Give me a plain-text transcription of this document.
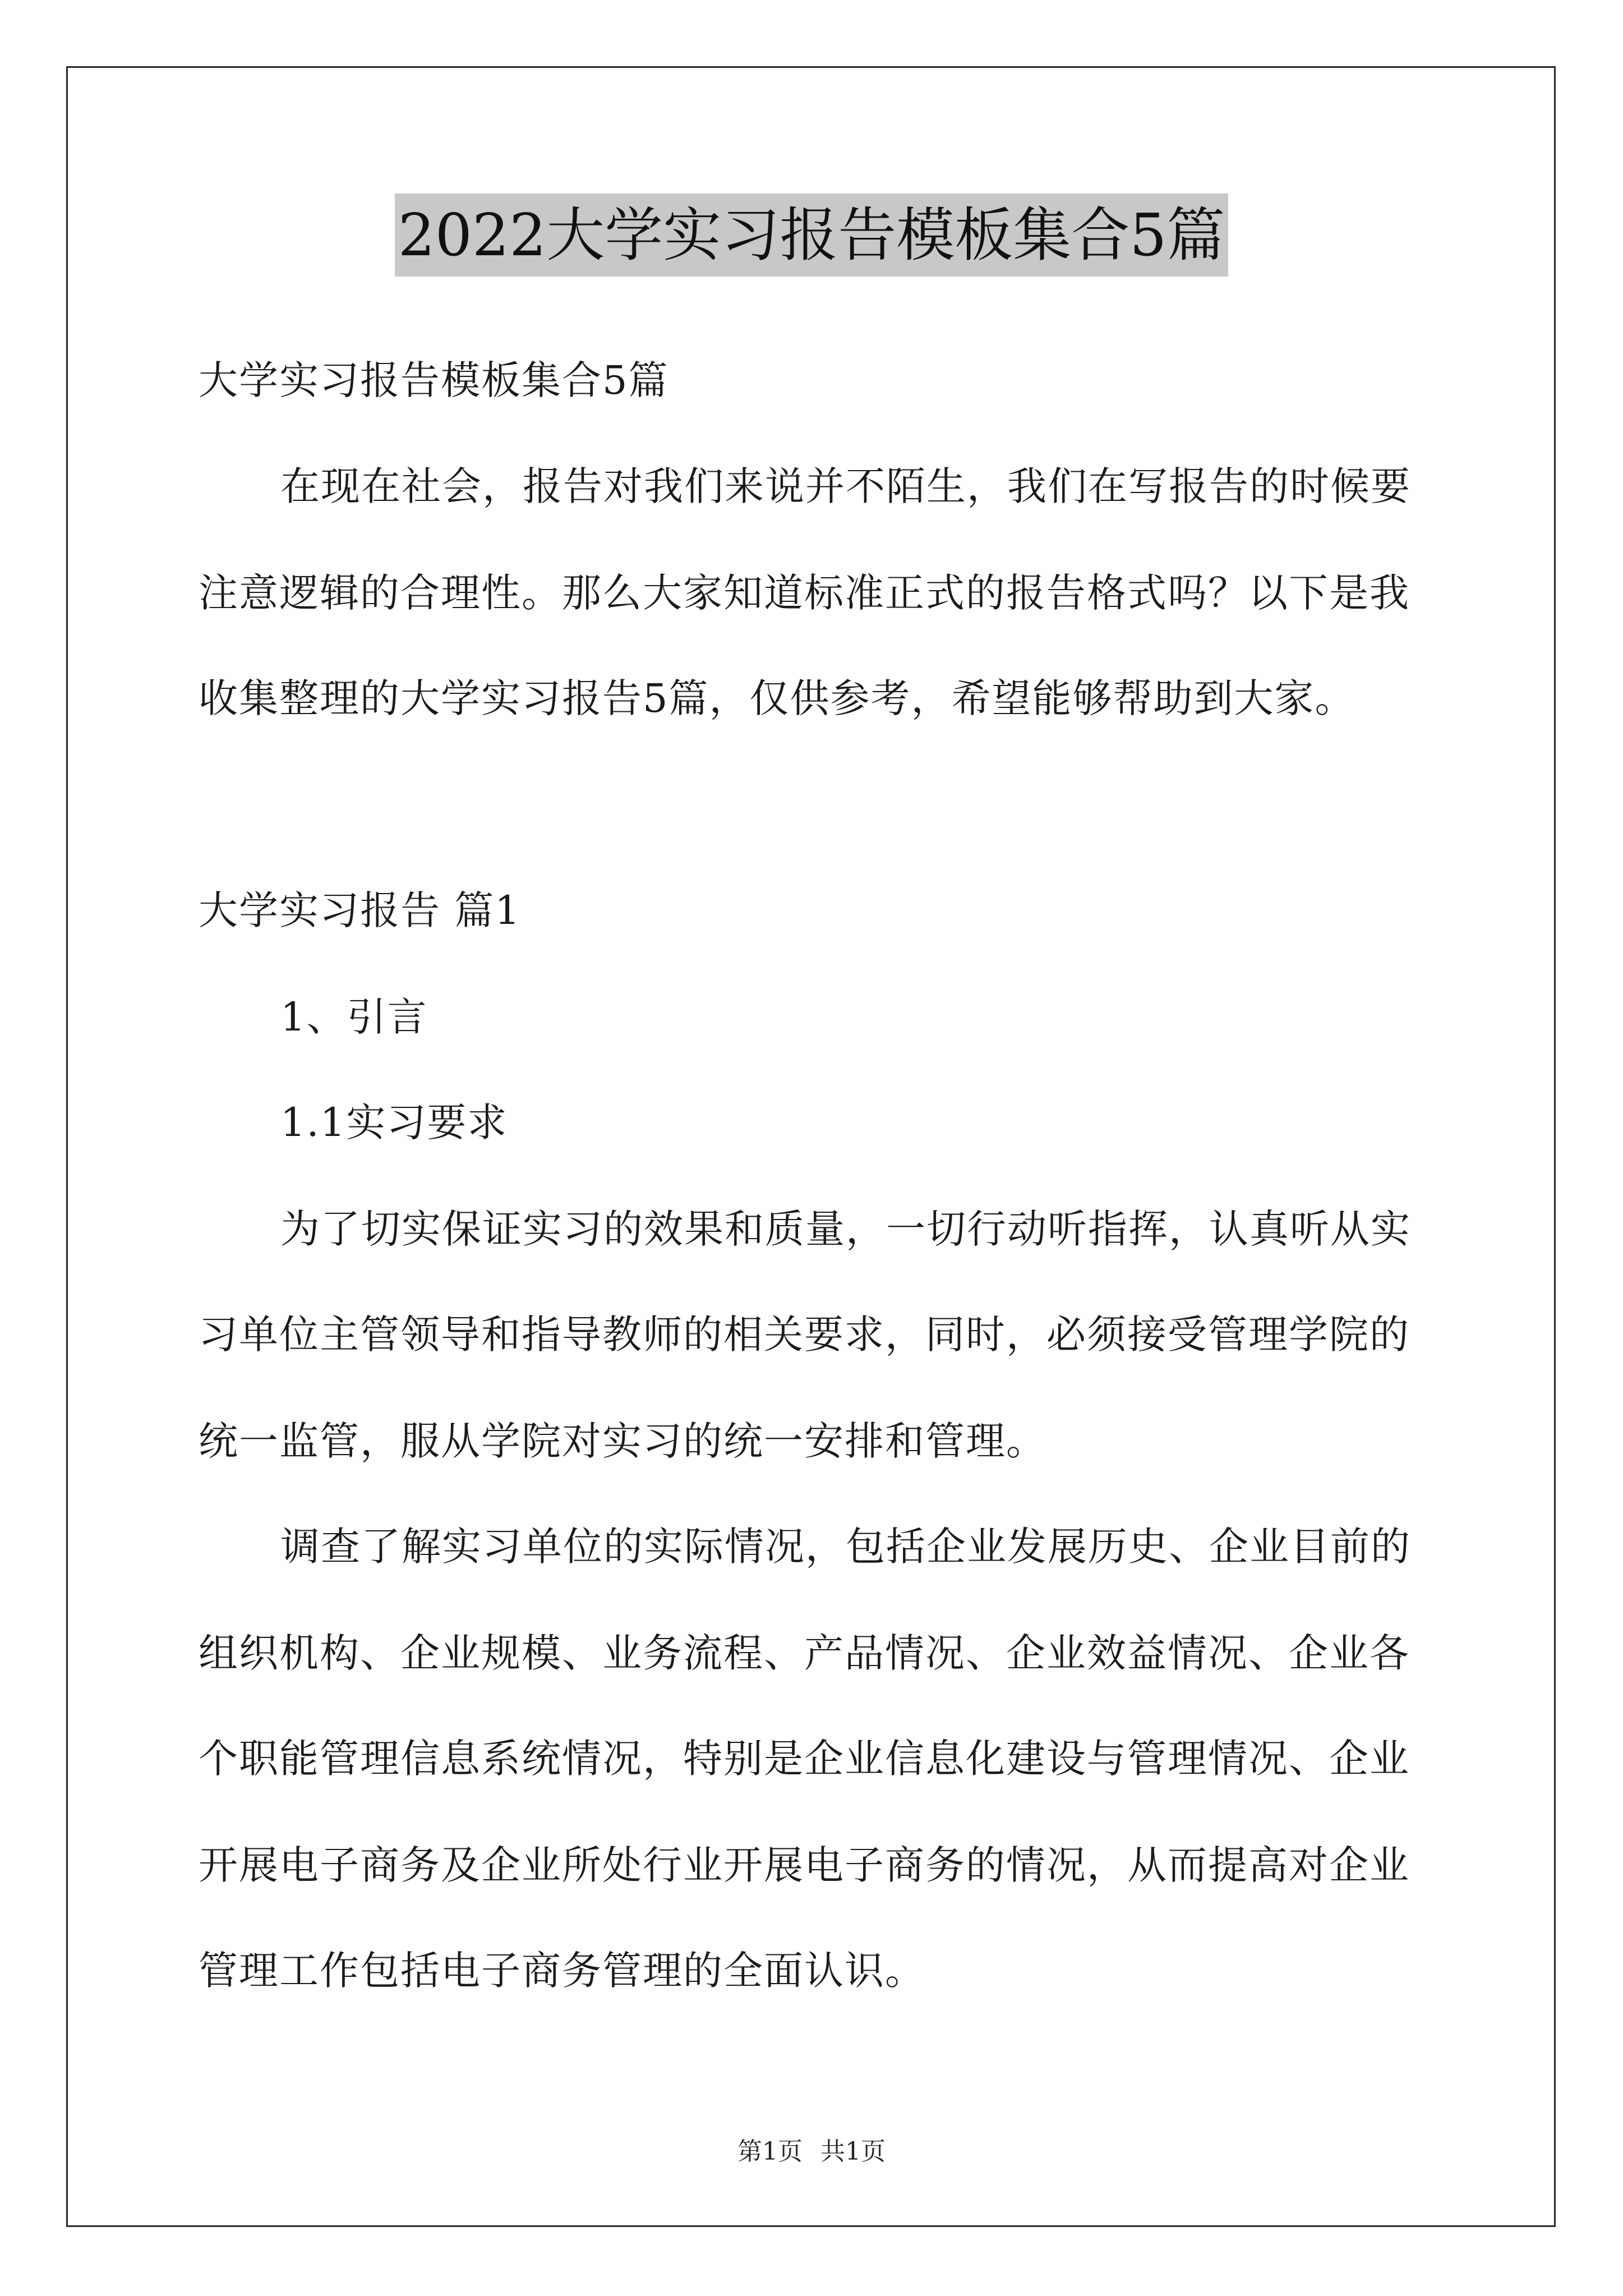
2022大学实习报告模板集合5篇
大学实习报告模板集合5篇
在现在社会，报告对我们来说并不陌生，我们在写报告的时候要
注意逻辑的合理性。那么大家知道标准正式的报告格式吗？以下是我
收集整理的大学实习报告5篇，仅供参考，希望能够帮助到大家。
大学实习报告 篇1
1、引言
1.1实习要求
为了切实保证实习的效果和质量，一切行动听指挥，认真听从实
习单位主管领导和指导教师的相关要求，同时，必须接受管理学院的
统一监管，服从学院对实习的统一安排和管理。
调查了解实习单位的实际情况，包括企业发展历史、企业目前的
组织机构、企业规模、业务流程、产品情况、企业效益情况、企业各
个职能管理信息系统情况，特别是企业信息化建设与管理情况、企业
开展电子商务及企业所处行业开展电子商务的情况，从而提高对企业
管理工作包括电子商务管理的全面认识。
第1页 共1页
